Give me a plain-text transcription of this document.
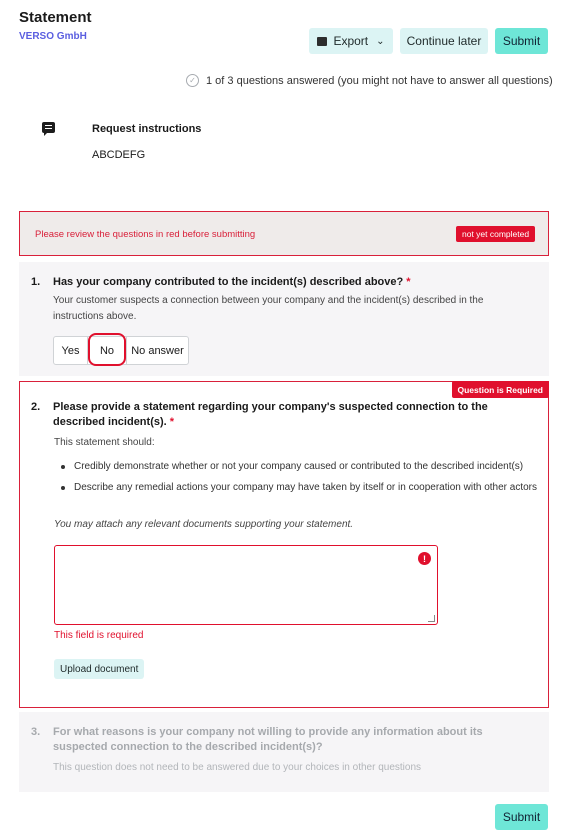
Statement
VERSO GmbH	Export ⌄	Continue later	Submit
✓ 1 of 3 questions answered (you might not have to answer all questions)
Request instructions
ABCDEFG
Please review the questions in red before submitting	not yet completed
1. Has your company contributed to the incident(s) described above? *
Your customer suspects a connection between your company and the incident(s) described in the instructions above.
Yes	No	No answer
Question is Required
2. Please provide a statement regarding your company's suspected connection to the described incident(s). *
This statement should:
Credibly demonstrate whether or not your company caused or contributed to the described incident(s)
Describe any remedial actions your company may have taken by itself or in cooperation with other actors
You may attach any relevant documents supporting your statement.
!
This field is required
Upload document
3. For what reasons is your company not willing to provide any information about its suspected connection to the described incident(s)?
This question does not need to be answered due to your choices in other questions
Submit
